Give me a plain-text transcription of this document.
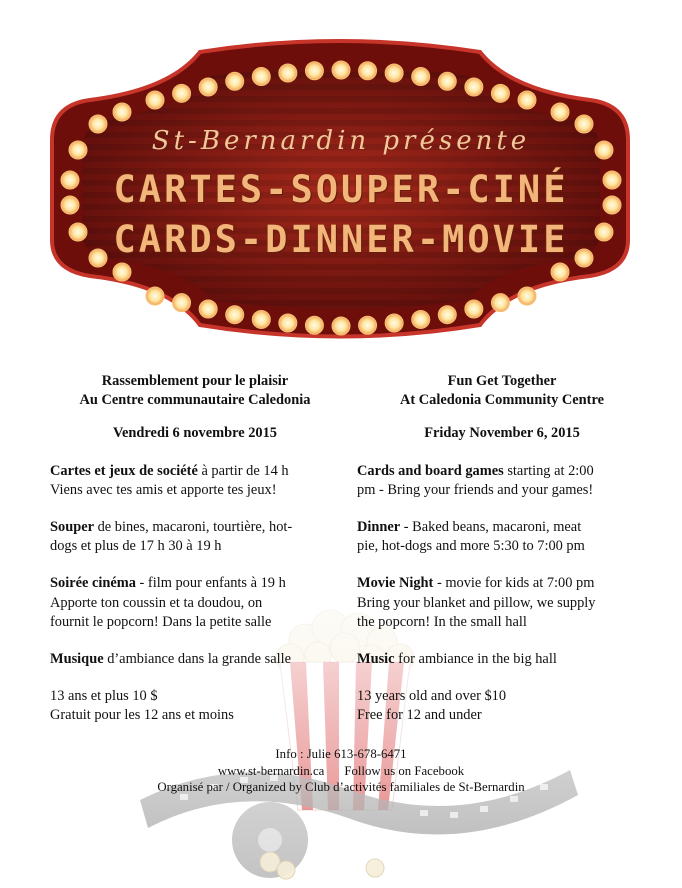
St-Bernardin présente
CARTES-SOUPER-CINÉ
CARDS-DINNER-MOVIE
Rassemblement pour le plaisir
Au Centre communautaire Caledonia
Vendredi 6 novembre 2015
Cartes et jeux de société à partir de 14 h
Viens avec tes amis et apporte tes jeux!
Souper de bines, macaroni, tourtière, hot-
dogs et plus de 17 h 30 à 19 h
Soirée cinéma - film pour enfants à 19 h
Apporte ton coussin et ta doudou, on
fournit le popcorn! Dans la petite salle
Musique d’ambiance dans la grande salle
13 ans et plus 10 $
Gratuit pour les 12 ans et moins
Fun Get Together
At Caledonia Community Centre
Friday November 6, 2015
Cards and board games starting at 2:00
pm - Bring your friends and your games!
Dinner - Baked beans, macaroni, meat
pie, hot-dogs and more 5:30 to 7:00 pm
Movie Night - movie for kids at 7:00 pm
Bring your blanket and pillow, we supply
the popcorn! In the small hall
Music for ambiance in the big hall
13 years old and over $10
Free for 12 and under
Info : Julie 613-678-6471
www.st-bernardin.ca Follow us on Facebook
Organisé par / Organized by Club d’activités familiales de St-Bernardin
